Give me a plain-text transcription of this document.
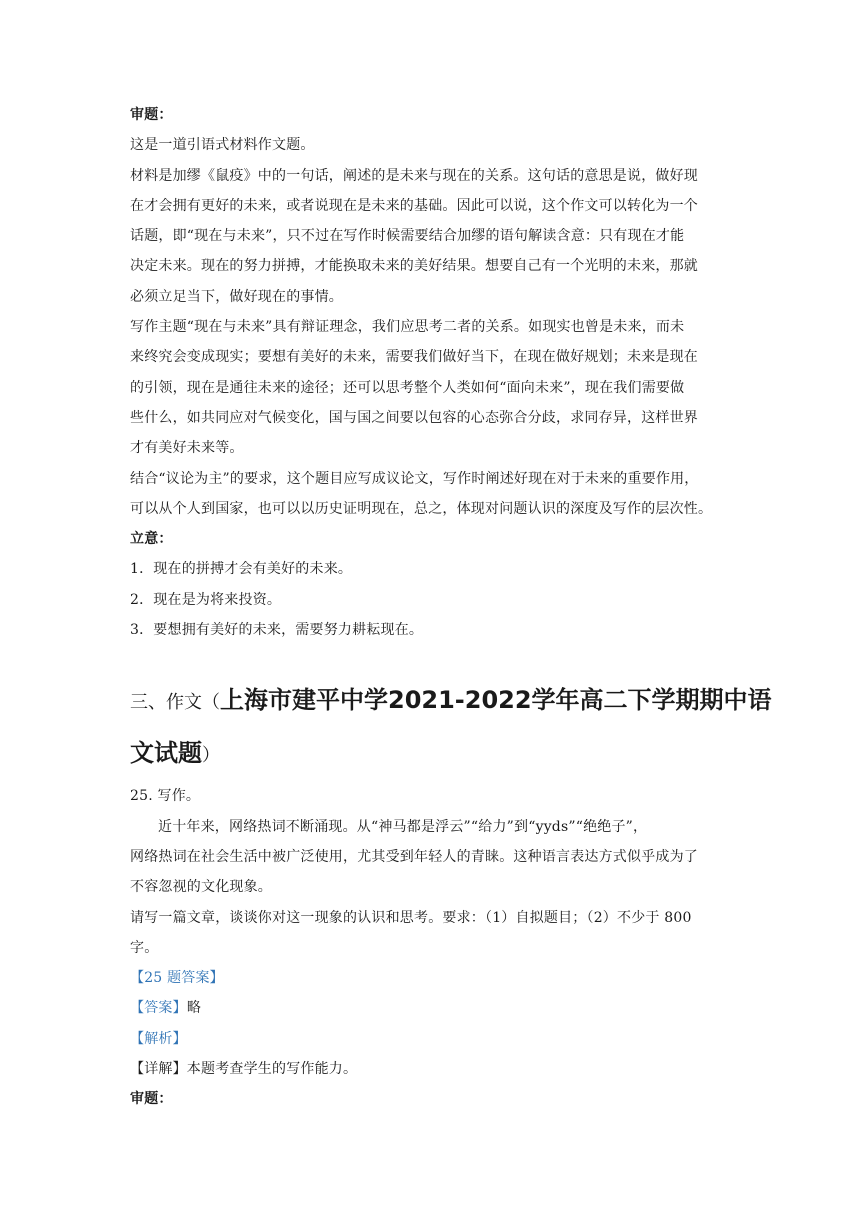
审题：
这是一道引语式材料作文题。
材料是加缪《鼠疫》中的一句话，阐述的是未来与现在的关系。这句话的意思是说，做好现
在才会拥有更好的未来，或者说现在是未来的基础。因此可以说，这个作文可以转化为一个
话题，即“现在与未来”，只不过在写作时候需要结合加缪的语句解读含意：只有现在才能
决定未来。现在的努力拼搏，才能换取未来的美好结果。想要自己有一个光明的未来，那就
必须立足当下，做好现在的事情。
写作主题“现在与未来”具有辩证理念，我们应思考二者的关系。如现实也曾是未来，而未
来终究会变成现实；要想有美好的未来，需要我们做好当下，在现在做好规划；未来是现在
的引领，现在是通往未来的途径；还可以思考整个人类如何“面向未来”，现在我们需要做
些什么，如共同应对气候变化，国与国之间要以包容的心态弥合分歧，求同存异，这样世界
才有美好未来等。
结合“议论为主”的要求，这个题目应写成议论文，写作时阐述好现在对于未来的重要作用，
可以从个人到国家，也可以以历史证明现在，总之，体现对问题认识的深度及写作的层次性。
立意：
1．现在的拼搏才会有美好的未来。
2．现在是为将来投资。
3．要想拥有美好的未来，需要努力耕耘现在。
三、作文（上海市建平中学2021-2022学年高二下学期期中语
文试题）
25. 写作。
近十年来，网络热词不断涌现。从“神马都是浮云”“给力”到“yyds”“绝绝子”，
网络热词在社会生活中被广泛使用，尤其受到年轻人的青睐。这种语言表达方式似乎成为了
不容忽视的文化现象。
请写一篇文章，谈谈你对这一现象的认识和思考。要求：（1）自拟题目；（2）不少于 800
字。
【25 题答案】
【答案】略
【解析】
【详解】本题考查学生的写作能力。
审题：
